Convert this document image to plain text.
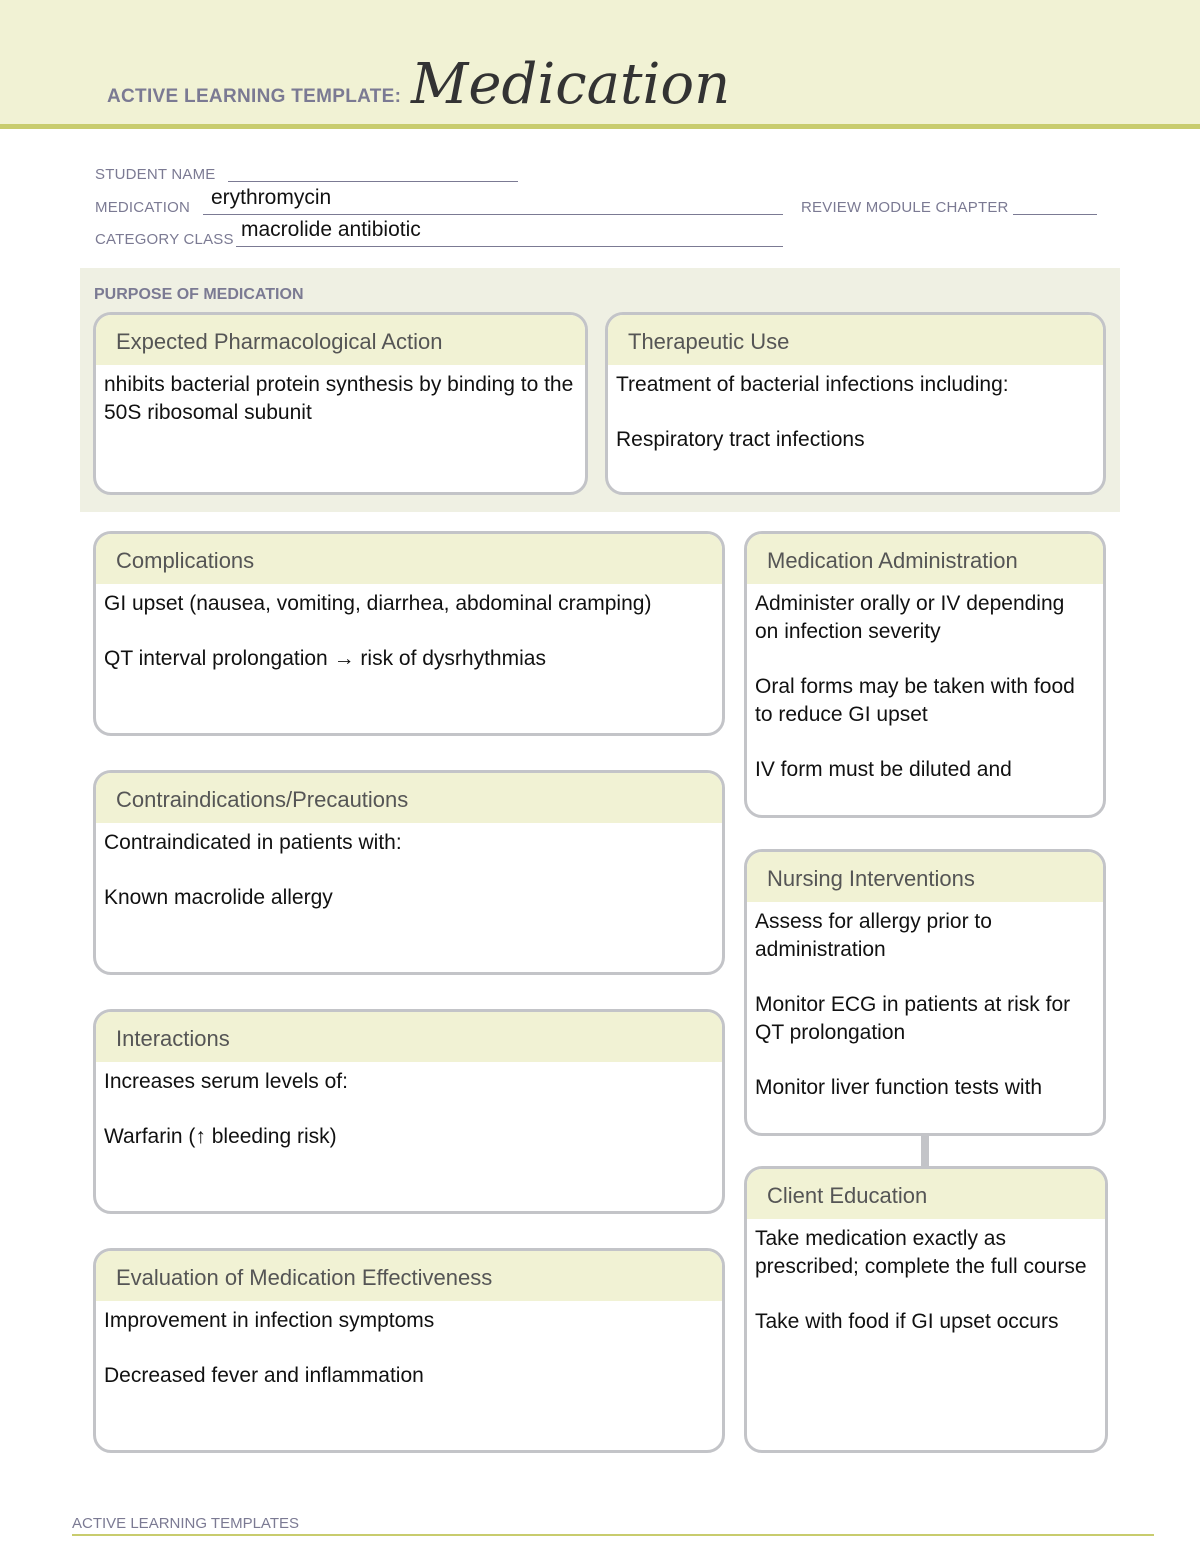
ACTIVE LEARNING TEMPLATE: Medication
STUDENT NAME
MEDICATION erythromycin	REVIEW MODULE CHAPTER
CATEGORY CLASS macrolide antibiotic
PURPOSE OF MEDICATION
Expected Pharmacological Action

nhibits bacterial protein synthesis by binding to the 50S ribosomal subunit

Therapeutic Use

Treatment of bacterial infections including:

Respiratory tract infections

Complications

GI upset (nausea, vomiting, diarrhea, abdominal cramping)

QT interval prolongation → risk of dysrhythmias

Medication Administration

Administer orally or IV depending on infection severity

Oral forms may be taken with food to reduce GI upset

IV form must be diluted and

Contraindications/Precautions

Contraindicated in patients with:

Known macrolide allergy

Nursing Interventions

Assess for allergy prior to administration

Monitor ECG in patients at risk for QT prolongation

Monitor liver function tests with

Interactions

Increases serum levels of:

Warfarin (↑ bleeding risk)

Client Education

Take medication exactly as prescribed; complete the full course

Take with food if GI upset occurs

Evaluation of Medication Effectiveness

Improvement in infection symptoms

Decreased fever and inflammation

ACTIVE LEARNING TEMPLATES
